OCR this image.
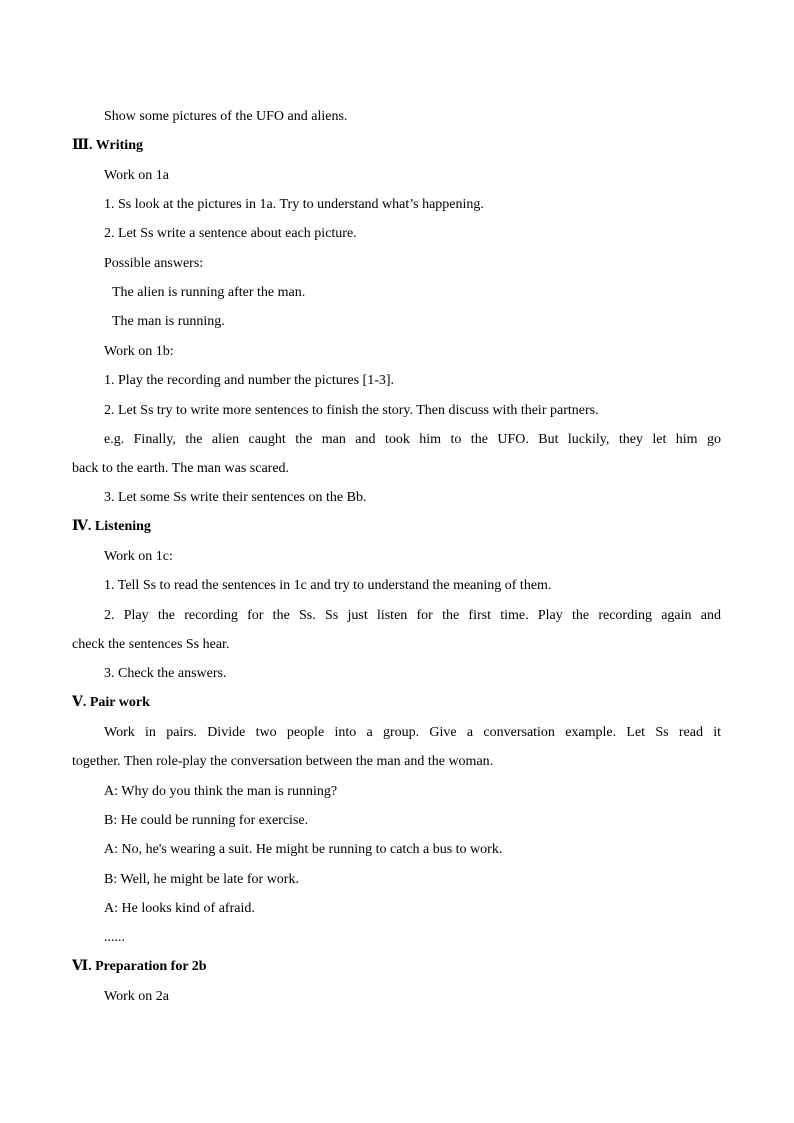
Show some pictures of the UFO and aliens.
Ⅲ. Writing
Work on 1a
1. Ss look at the pictures in 1a. Try to understand what’s happening.
2. Let Ss write a sentence about each picture.
Possible answers:
The alien is running after the man.
The man is running.
Work on 1b:
1. Play the recording and number the pictures [1-3].
2. Let Ss try to write more sentences to finish the story. Then discuss with their partners.
e.g. Finally, the alien caught the man and took him to the UFO. But luckily, they let him go
back to the earth. The man was scared.
3. Let some Ss write their sentences on the Bb.
Ⅳ. Listening
Work on 1c:
1. Tell Ss to read the sentences in 1c and try to understand the meaning of them.
2. Play the recording for the Ss. Ss just listen for the first time. Play the recording again and
check the sentences Ss hear.
3. Check the answers.
Ⅴ. Pair work
Work in pairs. Divide two people into a group. Give a conversation example. Let Ss read it
together. Then role-play the conversation between the man and the woman.
A: Why do you think the man is running?
B: He could be running for exercise.
A: No, he's wearing a suit. He might be running to catch a bus to work.
B: Well, he might be late for work.
A: He looks kind of afraid.
......
Ⅵ. Preparation for 2b
Work on 2a
